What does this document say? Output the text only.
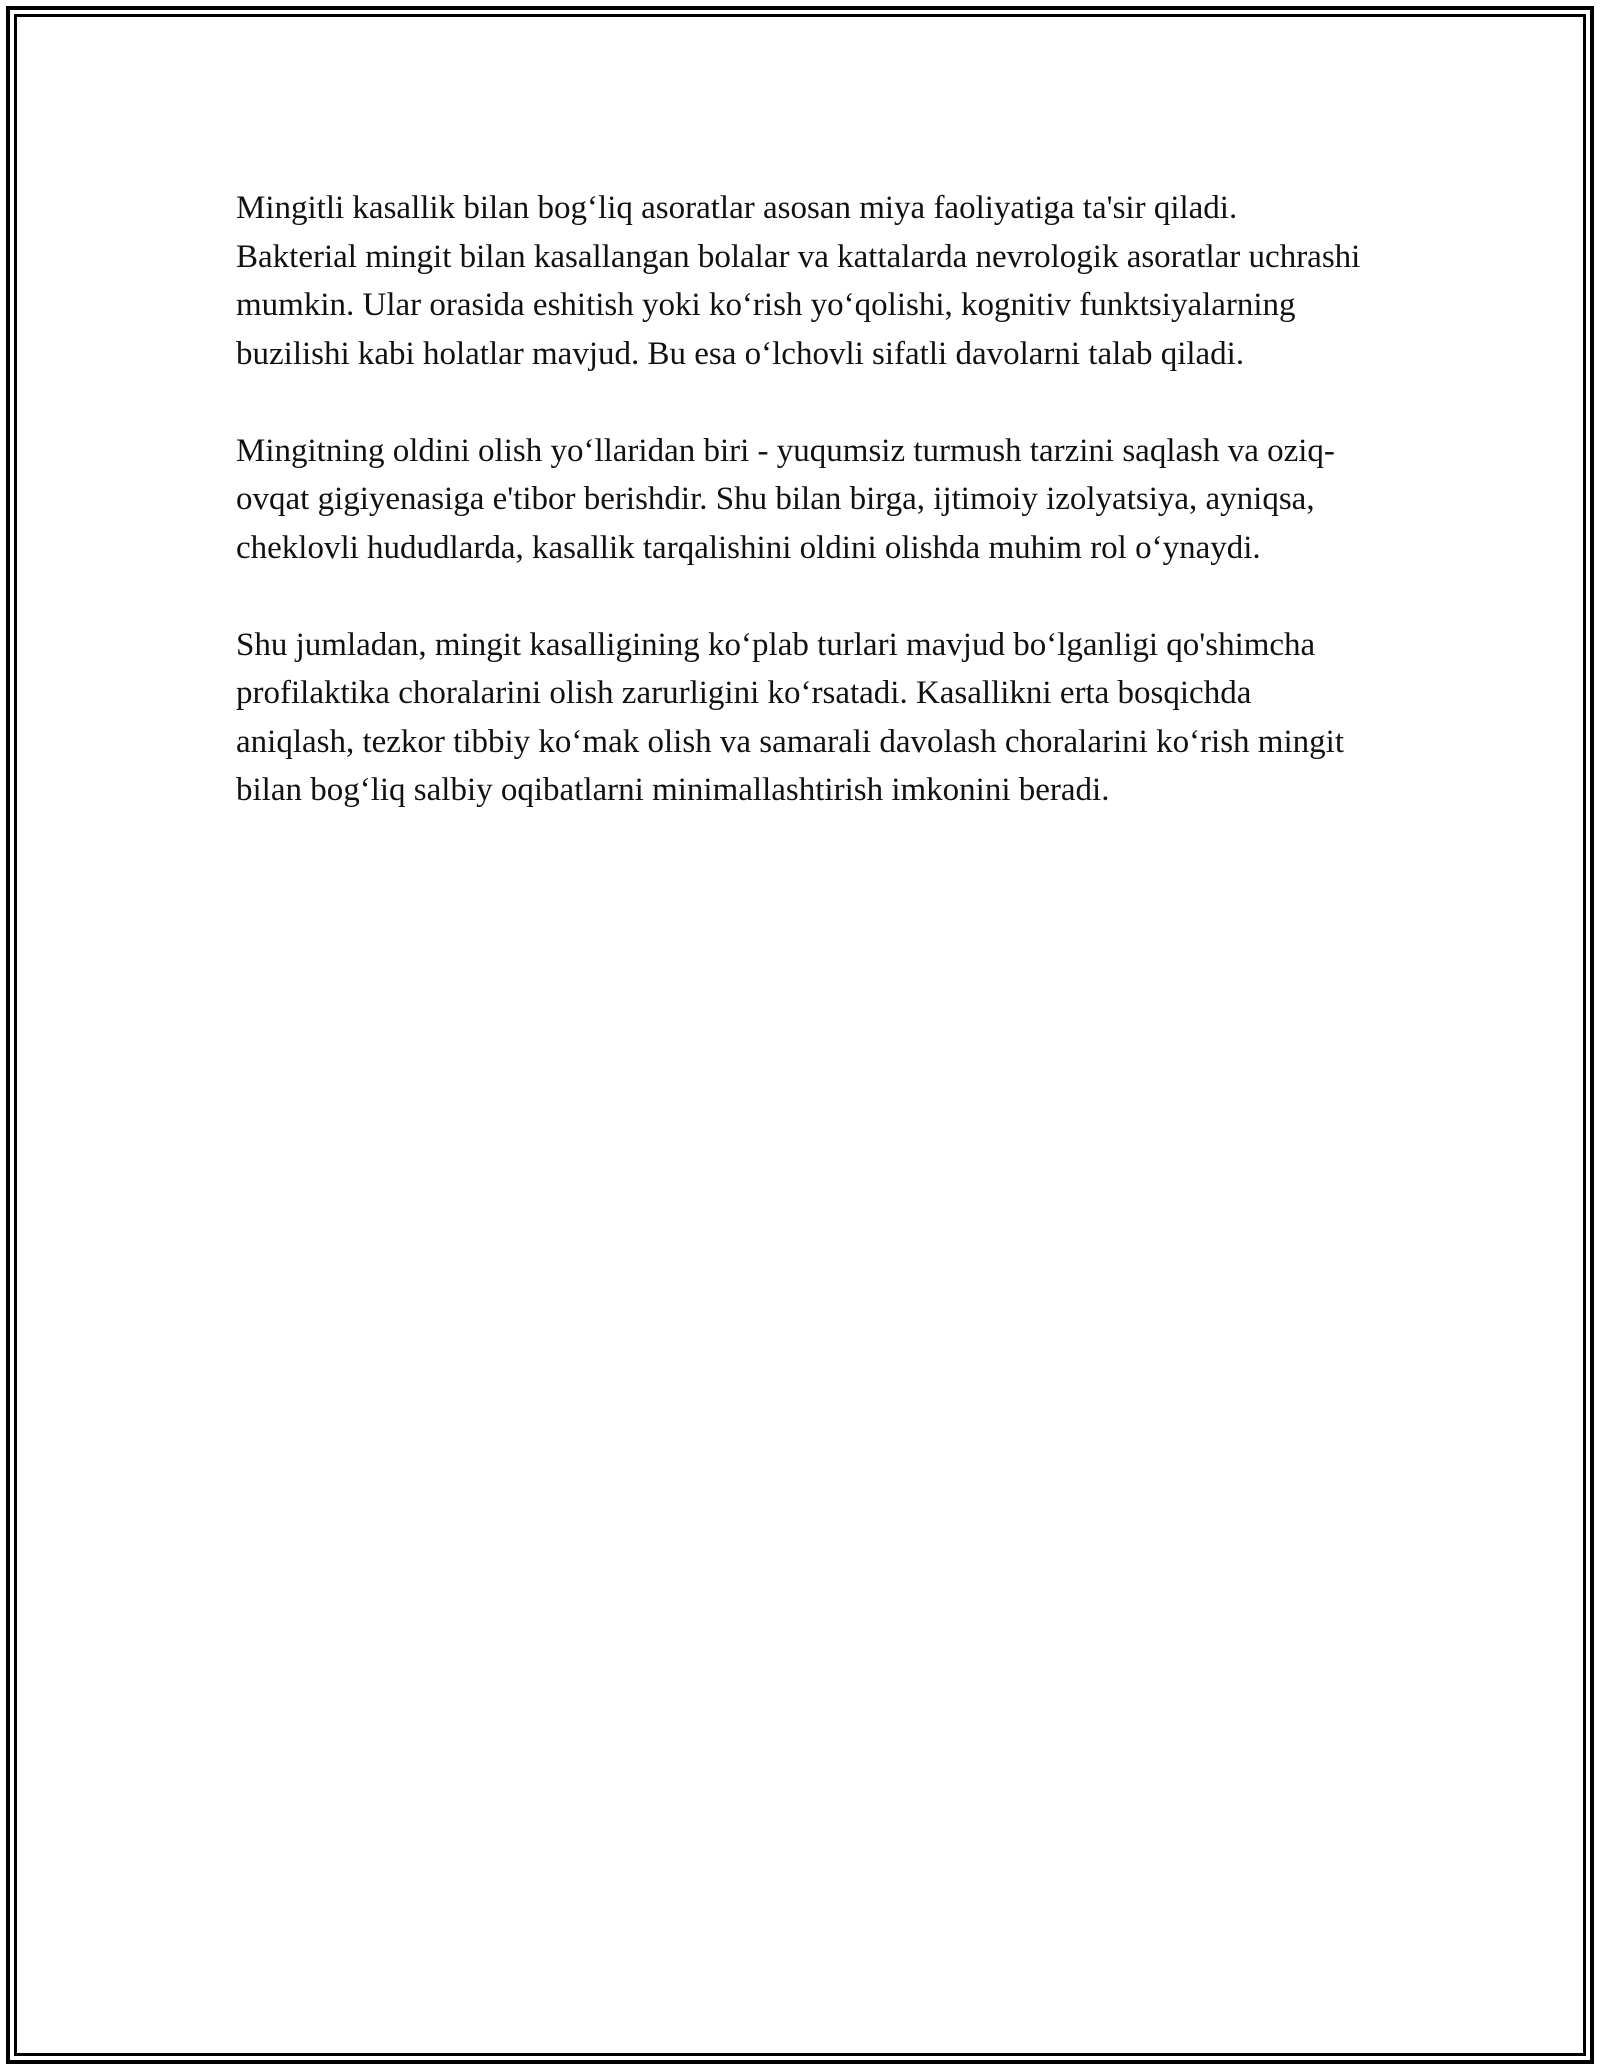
Mingitli kasallik bilan bog‘liq asoratlar asosan miya faoliyatiga ta'sir qiladi. Bakterial mingit bilan kasallangan bolalar va kattalarda nevrologik asoratlar uchrashi mumkin. Ular orasida eshitish yoki ko‘rish yo‘qolishi, kognitiv funktsiyalarning buzilishi kabi holatlar mavjud. Bu esa o‘lchovli sifatli davolarni talab qiladi.

Mingitning oldini olish yo‘llaridan biri - yuqumsiz turmush tarzini saqlash va oziq-ovqat gigiyenasiga e'tibor berishdir. Shu bilan birga, ijtimoiy izolyatsiya, ayniqsa, cheklovli hududlarda, kasallik tarqalishini oldini olishda muhim rol o‘ynaydi.

Shu jumladan, mingit kasalligining ko‘plab turlari mavjud bo‘lganligi qo'shimcha profilaktika choralarini olish zarurligini ko‘rsatadi. Kasallikni erta bosqichda aniqlash, tezkor tibbiy ko‘mak olish va samarali davolash choralarini ko‘rish mingit bilan bog‘liq salbiy oqibatlarni minimallashtirish imkonini beradi.
